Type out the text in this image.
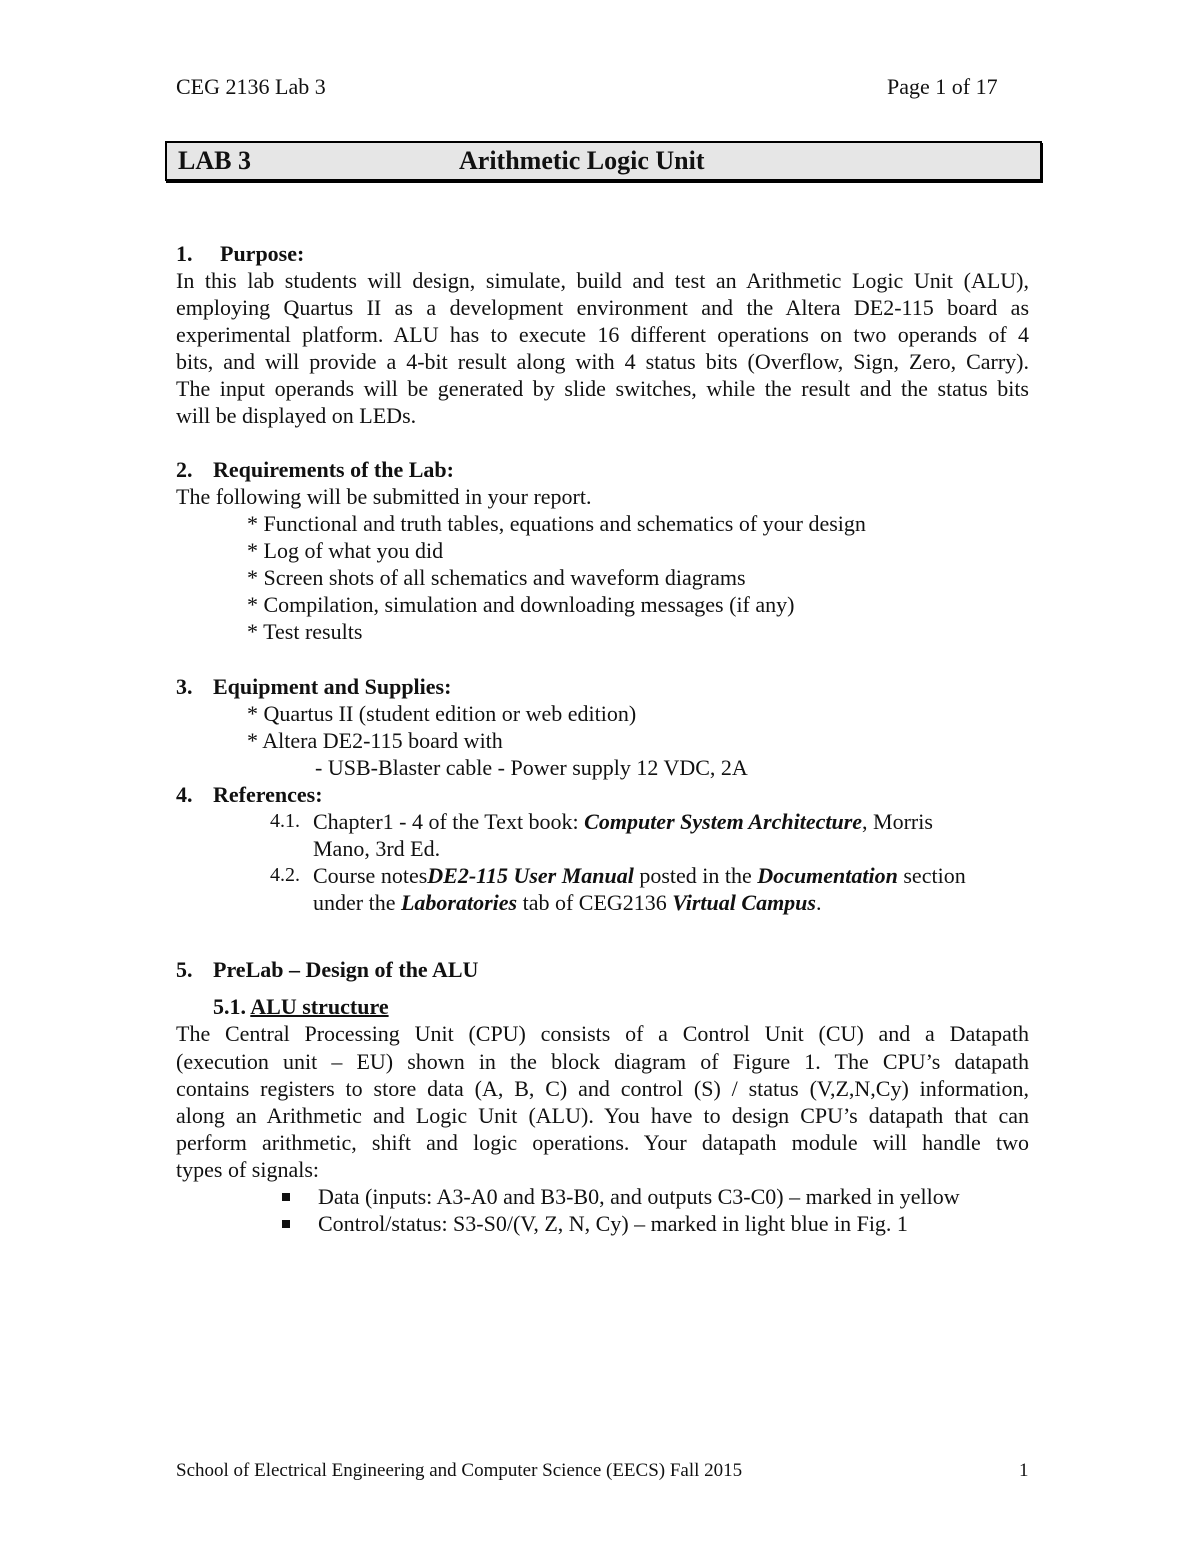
CEG 2136 Lab 3	Page 1 of 17
LAB 3	Arithmetic Logic Unit
1. Purpose:
In this lab students will design, simulate, build and test an Arithmetic Logic Unit (ALU),
employing Quartus II as a development environment and the Altera DE2-115 board as
experimental platform. ALU has to execute 16 different operations on two operands of 4
bits, and will provide a 4-bit result along with 4 status bits (Overflow, Sign, Zero, Carry).
The input operands will be generated by slide switches, while the result and the status bits
will be displayed on LEDs.
2. Requirements of the Lab:
The following will be submitted in your report.
* Functional and truth tables, equations and schematics of your design
* Log of what you did
* Screen shots of all schematics and waveform diagrams
* Compilation, simulation and downloading messages (if any)
* Test results
3. Equipment and Supplies:
* Quartus II (student edition or web edition)
* Altera DE2-115 board with
- USB-Blaster cable - Power supply 12 VDC, 2A
4. References:
4.1. Chapter1 - 4 of the Text book: Computer System Architecture, Morris
Mano, 3rd Ed.
4.2. Course notesDE2-115 User Manual posted in the Documentation section
under the Laboratories tab of CEG2136 Virtual Campus.
5. PreLab – Design of the ALU
5.1. ALU structure
The Central Processing Unit (CPU) consists of a Control Unit (CU) and a Datapath
(execution unit – EU) shown in the block diagram of Figure 1. The CPU’s datapath
contains registers to store data (A, B, C) and control (S) / status (V,Z,N,Cy) information,
along an Arithmetic and Logic Unit (ALU). You have to design CPU’s datapath that can
perform arithmetic, shift and logic operations. Your datapath module will handle two
types of signals:
Data (inputs: A3-A0 and B3-B0, and outputs C3-C0) – marked in yellow
Control/status: S3-S0/(V, Z, N, Cy) – marked in light blue in Fig. 1
School of Electrical Engineering and Computer Science (EECS) Fall 2015	1
